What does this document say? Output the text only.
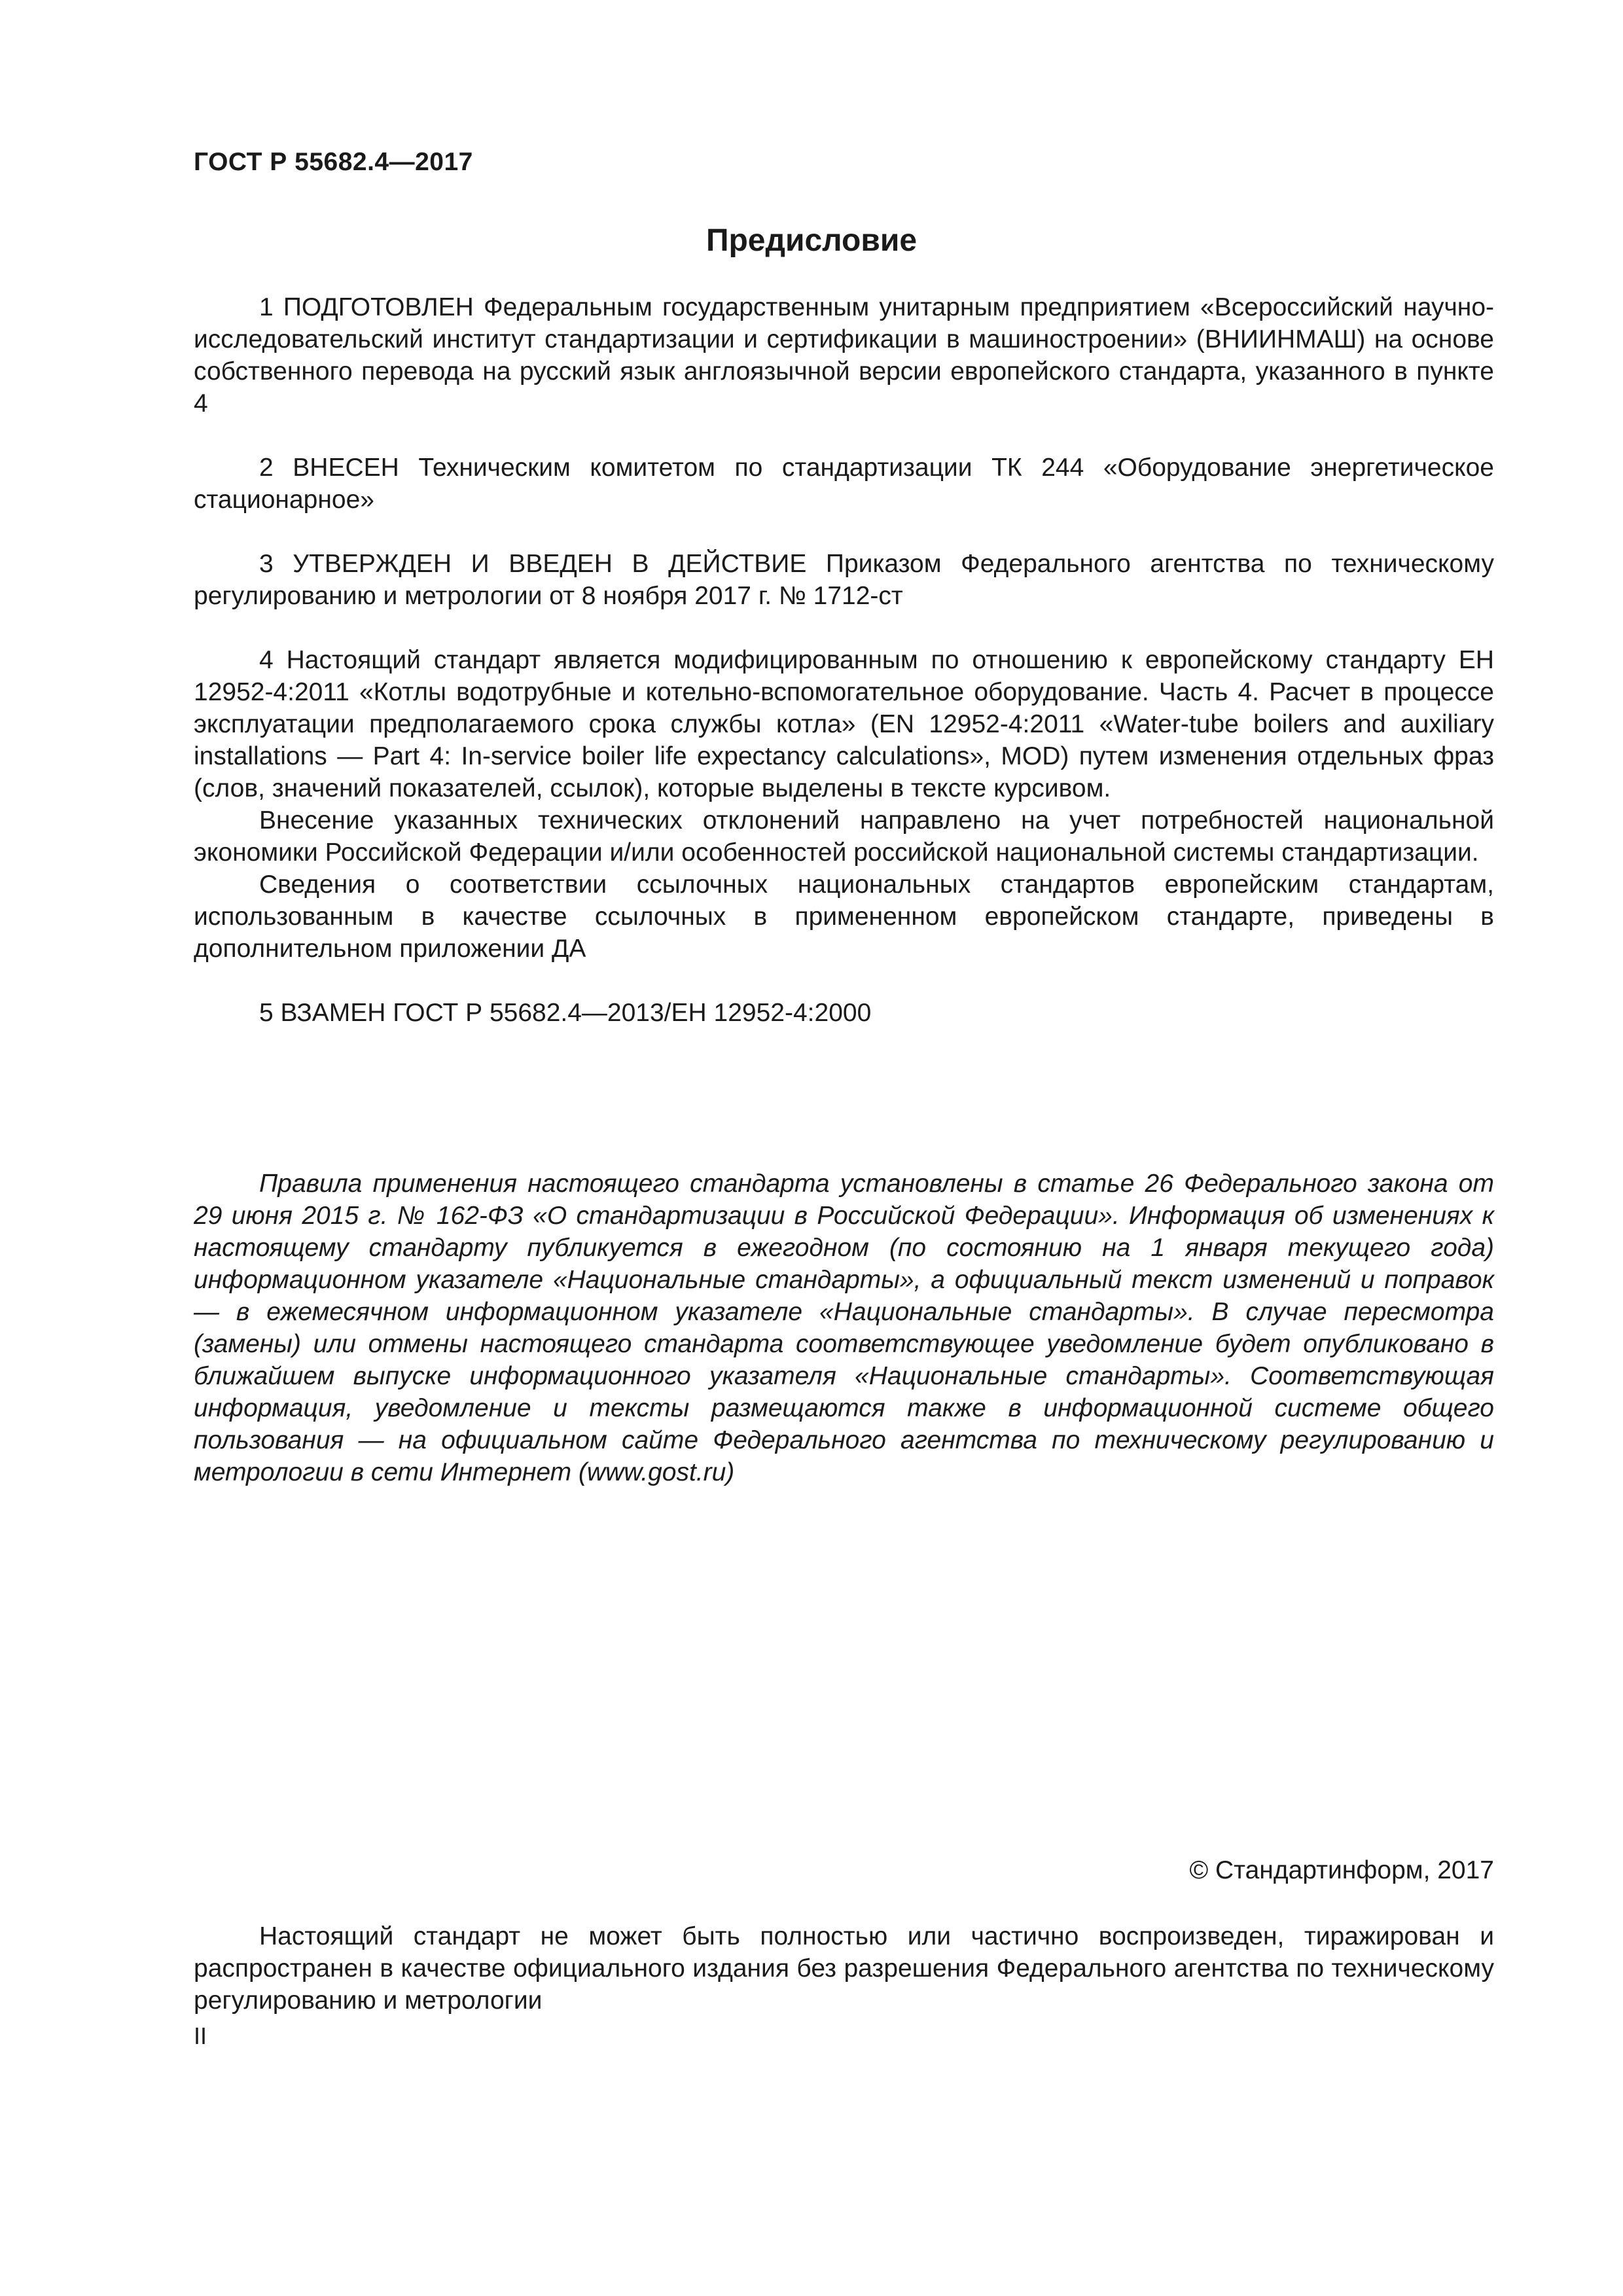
ГОСТ Р 55682.4—2017
Предисловие

1 ПОДГОТОВЛЕН Федеральным государственным унитарным предприятием «Всероссийский научно-исследовательский институт стандартизации и сертификации в машиностроении» (ВНИИНМАШ) на основе собственного перевода на русский язык англоязычной версии европейского стандарта, указанного в пункте 4

2 ВНЕСЕН Техническим комитетом по стандартизации ТК 244 «Оборудование энергетическое стационарное»

3 УТВЕРЖДЕН И ВВЕДЕН В ДЕЙСТВИЕ Приказом Федерального агентства по техническому регулированию и метрологии от 8 ноября 2017 г. № 1712-ст

4 Настоящий стандарт является модифицированным по отношению к европейскому стандарту ЕН 12952-4:2011 «Котлы водотрубные и котельно-вспомогательное оборудование. Часть 4. Расчет в процессе эксплуатации предполагаемого срока службы котла» (EN 12952-4:2011 «Water-tube boilers and auxiliary installations — Part 4: In-service boiler life expectancy calculations», MOD) путем изменения отдельных фраз (слов, значений показателей, ссылок), которые выделены в тексте курсивом.

Внесение указанных технических отклонений направлено на учет потребностей национальной экономики Российской Федерации и/или особенностей российской национальной системы стандартизации.

Сведения о соответствии ссылочных национальных стандартов европейским стандартам, использованным в качестве ссылочных в примененном европейском стандарте, приведены в дополнительном приложении ДА

5 ВЗАМЕН ГОСТ Р 55682.4—2013/ЕН 12952-4:2000

Правила применения настоящего стандарта установлены в статье 26 Федерального закона от 29 июня 2015 г. № 162-ФЗ «О стандартизации в Российской Федерации». Информация об изменениях к настоящему стандарту публикуется в ежегодном (по состоянию на 1 января текущего года) информационном указателе «Национальные стандарты», а официальный текст изменений и поправок — в ежемесячном информационном указателе «Национальные стандарты». В случае пересмотра (замены) или отмены настоящего стандарта соответствующее уведомление будет опубликовано в ближайшем выпуске информационного указателя «Национальные стандарты». Соответствующая информация, уведомление и тексты размещаются также в информационной системе общего пользования — на официальном сайте Федерального агентства по техническому регулированию и метрологии в сети Интернет (www.gost.ru)

© Стандартинформ, 2017

Настоящий стандарт не может быть полностью или частично воспроизведен, тиражирован и распространен в качестве официального издания без разрешения Федерального агентства по техническому регулированию и метрологии

II
